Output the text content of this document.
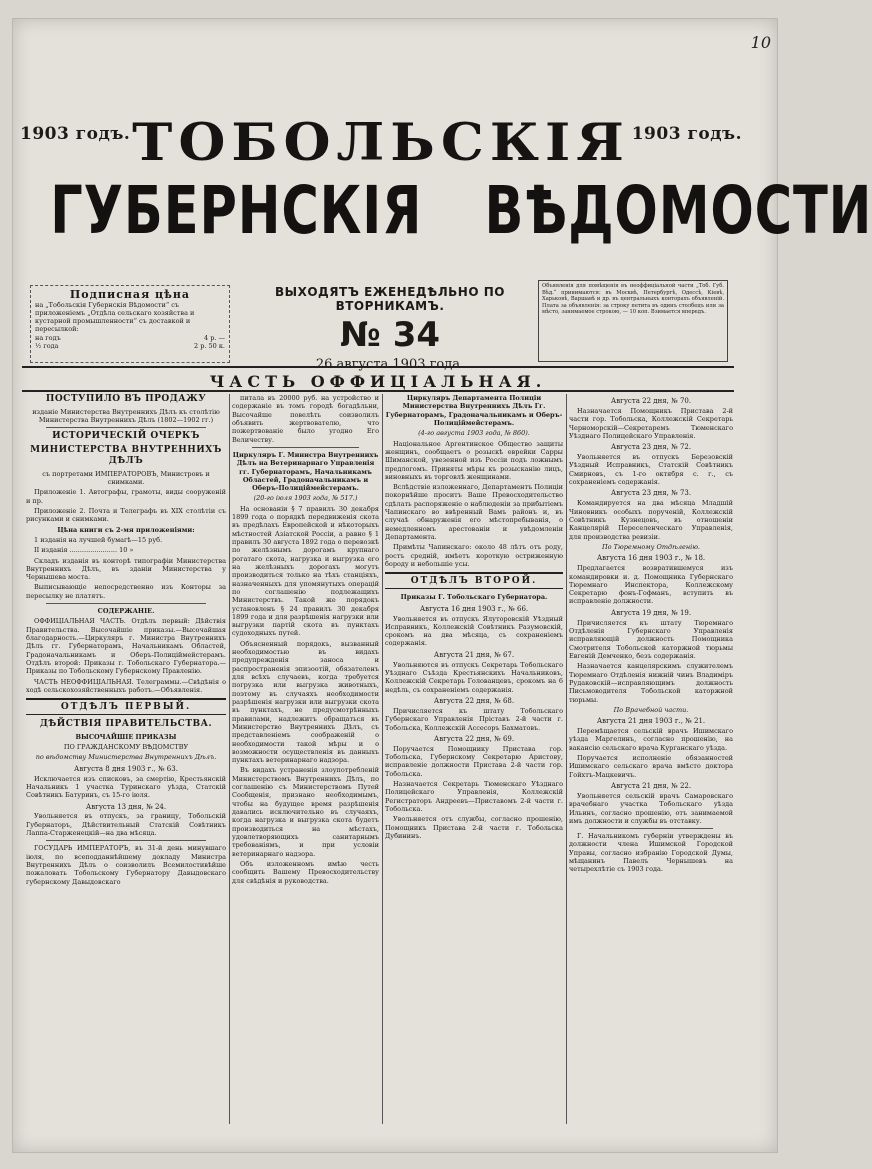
10
1903 годъ.	1903 годъ.
ТОБОЛЬСКІЯ
ГУБЕРНСКІЯ ВѢДОМОСТИ
Подписная цѣна
на „Тобольскія Губернскія Вѣдомости“ съ приложеніемъ „Отдѣла сельскаго хозяйства и кустарной промышленности“ съ доставкой и пересылкой:
на годъ	4 р. —
½ года	2 р. 50 к.
ВЫХОДЯТЪ ЕЖЕНЕДѢЛЬНО ПО ВТОРНИКАМЪ.
№ 34
26 августа 1903 года.
Объявленія для помѣщенія въ неоффиціальной части „Тоб. Губ. Вѣд.“ принимаются: въ Москвѣ, Петербургѣ, Одессѣ, Кіевѣ, Харьковѣ, Варшавѣ и др. въ центральныхъ конторахъ объявленій. Плата за объявленія: за строку петита въ одинъ столбецъ или за мѣсто, занимаемое строкою, — 10 коп. Взимается впередъ.
ЧАСТЬ ОФФИЦІАЛЬНАЯ.

ПОСТУПИЛО ВЪ ПРОДАЖУ

изданіе Министерства Внутреннихъ Дѣлъ къ столѣтію Министерства Внутреннихъ Дѣлъ (1802—1902 гг.)

ИСТОРИЧЕСКІЙ ОЧЕРКЪ

МИНИСТЕРСТВА ВНУТРЕННИХЪ ДѢЛЪ

съ портретами ИМПЕРАТОРОВЪ, Министровъ и снимками.

Приложеніе 1. Автографы, грамоты, виды сооруженій и пр.

Приложеніе 2. Почта и Телеграфъ въ XIX столѣтіи съ рисунками и снимками.

Цѣна книги съ 2-мя приложеніями:

1 изданія на лучшей бумагѣ—15 руб.

II изданія ....................... 10 »

Складъ изданія въ конторѣ типографіи Министерства Внутреннихъ Дѣлъ, въ зданіи Министерства у Чернышева моста.

Выписывающіе непосредственно изъ Конторы за пересылку не платятъ.

СОДЕРЖАНІЕ.

ОФФИЦІАЛЬНАЯ ЧАСТЬ. Отдѣлъ первый: Дѣйствія Правительства. Высочайшіе приказы.—Высочайшая благодарность.—Циркуляръ г. Министра Внутреннихъ Дѣлъ гг. Губернаторамъ, Начальникамъ Областей, Градоначальникамъ и Оберъ-Полиціймейстерамъ. Отдѣлъ второй: Приказы г. Тобольскаго Губернатора.—Приказы по Тобольскому Губернскому Правленію.

ЧАСТЬ НЕОФФИЦІАЛЬНАЯ. Телеграммы.—Свѣдѣнія о ходѣ сельскохозяйственныхъ работъ.—Объявленія.

ОТДѢЛЪ ПЕРВЫЙ.

ДѢЙСТВІЯ ПРАВИТЕЛЬСТВА.

ВЫСОЧАЙШІЕ ПРИКАЗЫ

ПО ГРАЖДАНСКОМУ ВѢДОМСТВУ

по вѣдомству Министерства Внутреннихъ Дѣлъ.

Августа 8 дня 1903 г., № 63.

Исключается изъ списковъ, за смертію, Крестьянскій Начальникъ 1 участка Туринскаго уѣзда, Статскій Совѣтникъ Батуринъ, съ 15-го іюля.

Августа 13 дня, № 24.

Увольняется въ отпускъ, за границу, Тобольскій Губернаторъ, Дѣйствительный Статскій Совѣтникъ Лаппа-Старженецкій—на два мѣсяца.

ГОСУДАРЬ ИМПЕРАТОРЪ, въ 31-й день минувшаго іюля, по всеподданнѣйшему докладу Министра Внутреннихъ Дѣлъ о соизволилъ Всемилостивѣйше пожаловать Тобольскому Губернатору Давыдовскаго губернскому Давыдовскаго

питала въ 20000 руб. на устройство и содержаніе въ томъ городѣ богадѣльни, Высочайше повелѣть соизволилъ объявить жертвователю, что пожертвованіе было угодно Его Величеству.

Циркуляръ Г. Министра Внутреннихъ Дѣлъ на Ветеринарнаго Управленія гг. Губернаторамъ, Начальникамъ Областей, Градоначальникамъ и Оберъ-Полиціймейстерамъ.

(20-го іюля 1903 года, № 517.)

На основаніи § 7 правилъ 30 декабря 1899 года о порядкѣ передвиженія скота въ предѣлахъ Европейской и нѣкоторыхъ мѣстностей Азіатской Россіи, а равно § 1 правилъ 30 августа 1892 года о перевозкѣ по желѣзнымъ дорогамъ крупнаго рогатаго скота, нагрузка и выгрузка его на желѣзныхъ дорогахъ могутъ производиться только на тѣхъ станціяхъ, назначенныхъ для упомянутыхъ операцій по соглашенію подлежащихъ Министерствъ. Такой же порядокъ установленъ § 24 правилъ 30 декабря 1899 года и для разрѣшенія нагрузки или выгрузки партій скота въ пунктахъ судоходныхъ путей.

Объясненный порядокъ, вызванный необходимостью въ видахъ предупрежденія заноса и распространенія эпизоотій, обязателенъ для всѣхъ случаевъ, когда требуется погрузка или выгрузка животныхъ, поэтому въ случаяхъ необходимости разрѣшенія нагрузки или выгрузки скота въ пунктахъ, не предусмотрѣнныхъ правилами, надлежитъ обращаться въ Министерство Внутреннихъ Дѣлъ, съ представленіемъ соображеній о необходимости такой мѣры и о возможности осуществленія въ данныхъ пунктахъ ветеринарнаго надзора.

Въ видахъ устраненія злоупотребленій Министерствомъ Внутреннихъ Дѣлъ, по соглашенію съ Министерствомъ Путей Сообщенія, признано необходимымъ, чтобы на будущее время разрѣшенія давались исключительно въ случаяхъ, когда нагрузка и выгрузка скота будетъ производиться на мѣстахъ, удовлетворяющихъ санитарнымъ требованіямъ, и при условіи ветеринарнаго надзора.

Объ изложенномъ имѣю честь сообщить Вашему Превосходительству для свѣдѣнія и руководства.

Циркуляръ Департамента Полиціи Министерства Внутреннихъ Дѣлъ Гг. Губернаторамъ, Градоначальникамъ и Оберъ-Полиціймейстерамъ.

(4-го августа 1903 года, № 860).

Національное Аргентинское Общество защиты женщинъ, сообщаетъ о розыскѣ еврейки Сарры Шиманской, увезенной изъ Россіи подъ ложнымъ предлогомъ. Приняты мѣры къ розысканію лицъ, виновныхъ въ торговлѣ женщинами.

Вслѣдствіе изложеннаго, Департаментъ Полиціи покорнѣйше проситъ Ваше Превосходительство сдѣлать распоряженіе о наблюденіи за прибытіемъ Чапинскаго во ввѣренный Вамъ районъ и, въ случаѣ обнаруженія его мѣстопребыванія, о немедленномъ арестованіи и увѣдомленіи Департамента.

Примѣты Чапинскаго: около 48 лѣтъ отъ роду, ростъ средній, имѣетъ короткую остриженную бороду и небольшіе усы.

ОТДѢЛЪ ВТОРОЙ.

Приказы Г. Тобольскаго Губернатора.

Августа 16 дня 1903 г., № 66.

Увольняется въ отпускъ Ялуторовскій Уѣздный Исправникъ, Коллежскій Совѣтникъ Разумовскій, срокомъ на два мѣсяца, съ сохраненіемъ содержанія.

Августа 21 дня, № 67.

Увольняются въ отпускъ Секретарь Тобольскаго Уѣзднаго Съѣзда Крестьянскихъ Начальниковъ, Коллежскій Секретарь Голованцевъ, срокомъ на 6 недѣль, съ сохраненіемъ содержанія.

Августа 22 дня, № 68.

Причисляется къ штату Тобольскаго Губернскаго Управленія Пріставъ 2-й части г. Тобольска, Коллежскій Ассесоръ Бахматовъ.

Августа 22 дня, № 69.

Поручается Помощнику Пристава гор. Тобольска, Губернскому Секретарю Аристову, исправленіе должности Пристава 2-й части гор. Тобольска.

Назначается Секретарь Тюменскаго Уѣзднаго Полицейскаго Управленія, Коллежскій Регистраторъ Андреевъ—Приставомъ 2-й части г. Тобольска.

Увольняется отъ службы, согласно прошенію, Помощникъ Пристава 2-й части г. Тобольска Дубининъ.

Августа 22 дня, № 70.

Назначается Помощникъ Пристава 2-й части гор. Тобольска, Коллежскій Секретарь Черноморскій—Секретаремъ Тюменскаго Уѣзднаго Полицейскаго Управленія.

Августа 23 дня, № 72.

Увольняется въ отпускъ Березовскій Уѣздный Исправникъ, Статскій Совѣтникъ Смирновъ, съ 1-го октября с. г., съ сохраненіемъ содержанія.

Августа 23 дня, № 73.

Командируется на два мѣсяца Младшій Чиновникъ особыхъ порученій, Коллежскій Совѣтникъ Кузнецовъ, въ отношеніи Канцелярій Переселенческаго Управленія, для производства ревизіи.

По Тюремному Отдѣленію.

Августа 16 дня 1903 г., № 18.

Предлагается возвратившемуся изъ командировки и. д. Помощника Губернскаго Тюремнаго Инспектора, Коллежскому Секретарю фонъ-Гофманъ, вступить въ исправленіе должности.

Августа 19 дня, № 19.

Причисляется къ штату Тюремнаго Отдѣленія Губернскаго Управленія исправляющій должность Помощника Смотрителя Тобольской каторжной тюрьмы Евгеній Демченко, безъ содержанія.

Назначается канцелярскимъ служителемъ Тюремнаго Отдѣленія нижній чинъ Владиміръ Рудаковскій—исправляющимъ должность Письмоводителя Тобольской каторжной тюрьмы.

По Врачебной части.

Августа 21 дня 1903 г., № 21.

Перемѣщается сельскій врачъ Ишимскаго уѣзда Маргелинъ, согласно прошенію, на вакансію сельскаго врача Курганскаго уѣзда.

Поручается исполненіе обязанностей Ишимскаго сельскаго врача вмѣсто доктора Гойхтъ-Мацкевичъ.

Августа 21 дня, № 22.

Увольняется сельскій врачъ Самаровскаго врачебнаго участка Тобольскаго уѣзда Ильинъ, согласно прошенію, отъ занимаемой имъ должности и службы въ отставку.

Г. Начальникомъ губерніи утверждены въ должности члена Ишимской Городской Управы, согласно избранію Городской Думы, мѣщанинъ Павелъ Чернышевъ на четырехлѣтіе съ 1903 года.
